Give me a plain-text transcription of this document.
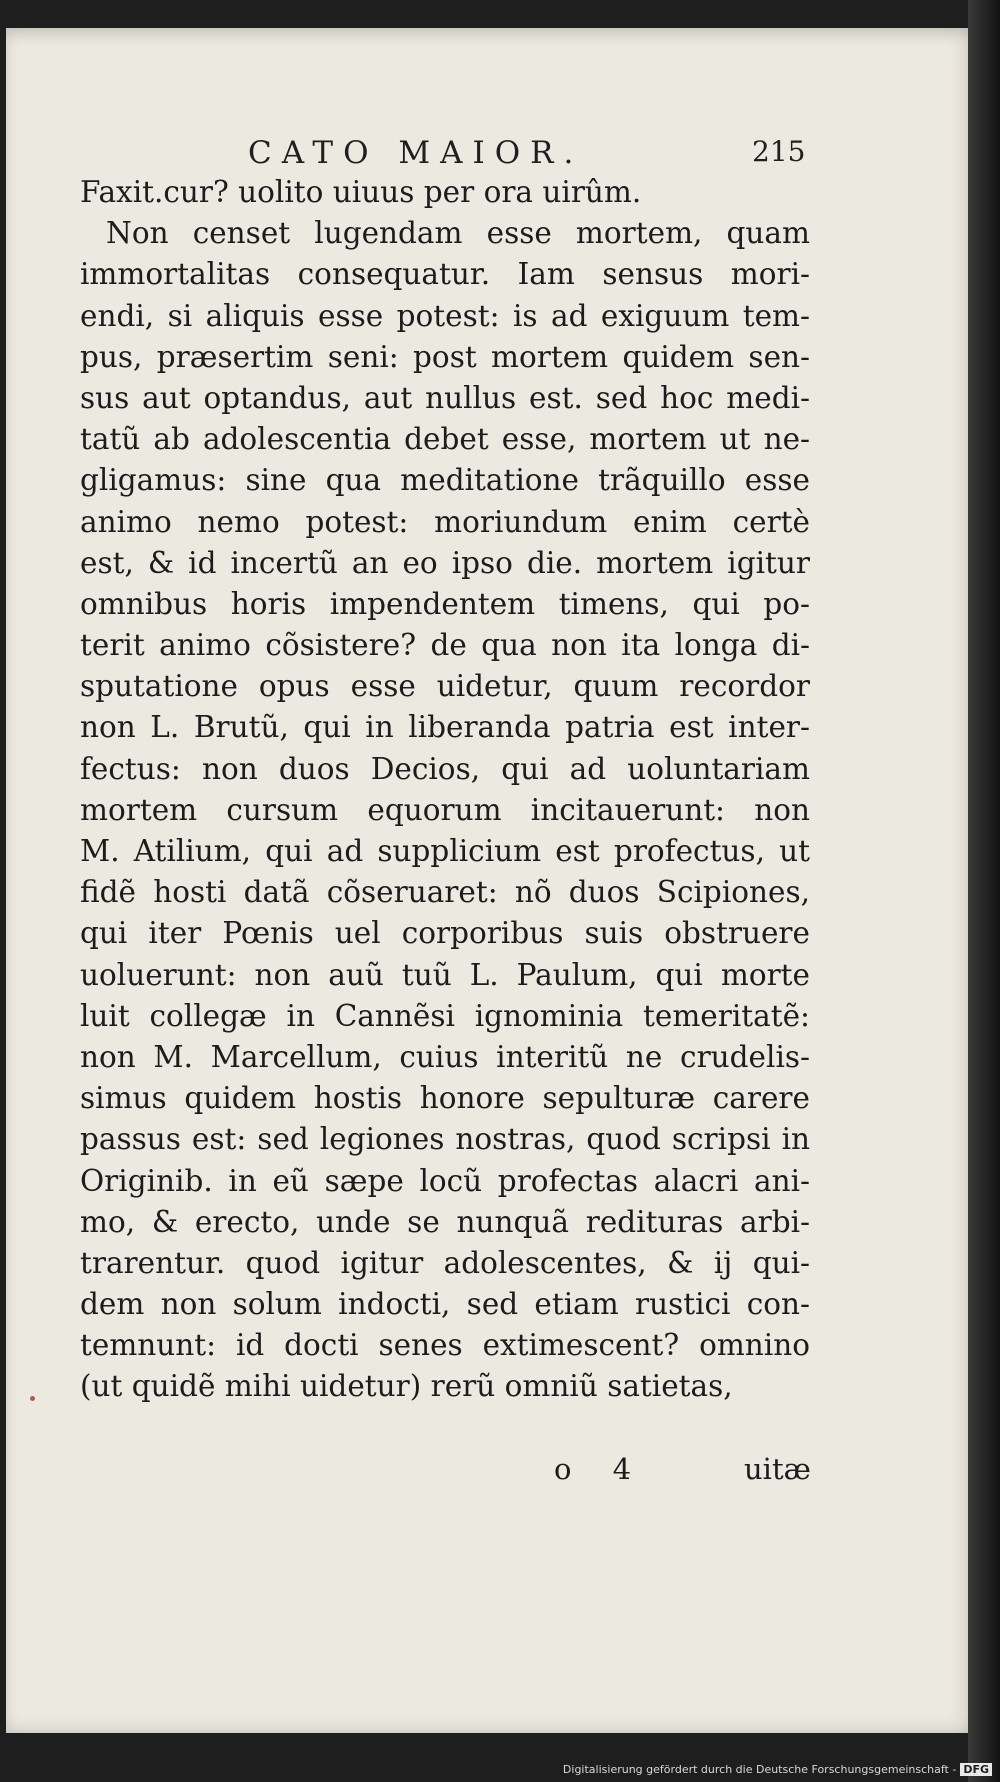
CATO MAIOR.	215
Faxit.cur? uolito uiuus per ora uirûm.
Non censet lugendam esse mortem, quam
immortalitas consequatur. Iam sensus mori-
endi, si aliquis esse potest: is ad exiguum tem-
pus, præsertim seni: post mortem quidem sen-
sus aut optandus, aut nullus est. sed hoc medi-
tatũ ab adolescentia debet esse, mortem ut ne-
gligamus: sine qua meditatione trãquillo esse
animo nemo potest: moriundum enim certè
est, & id incertũ an eo ipso die. mortem igitur
omnibus horis impendentem timens, qui po-
terit animo cõsistere? de qua non ita longa di-
sputatione opus esse uidetur, quum recordor
non L. Brutũ, qui in liberanda patria est inter-
fectus: non duos Decios, qui ad uoluntariam
mortem cursum equorum incitauerunt: non
M. Atilium, qui ad supplicium est profectus, ut
fidẽ hosti datã cõseruaret: nõ duos Scipiones,
qui iter Pœnis uel corporibus suis obstruere
uoluerunt: non auũ tuũ L. Paulum, qui morte
luit collegæ in Cannẽsi ignominia temeritatẽ:
non M. Marcellum, cuius interitũ ne crudelis-
simus quidem hostis honore sepulturæ carere
passus est: sed legiones nostras, quod scripsi in
Originib. in eũ sæpe locũ profectas alacri ani-
mo, & erecto, unde se nunquã redituras arbi-
trarentur. quod igitur adolescentes, & ij qui-
dem non solum indocti, sed etiam rustici con-
temnunt: id docti senes extimescent? omnino
(ut quidẽ mihi uidetur) rerũ omniũ satietas,
o 4	uitæ
Digitalisierung gefördert durch die Deutsche Forschungsgemeinschaft - DFG
